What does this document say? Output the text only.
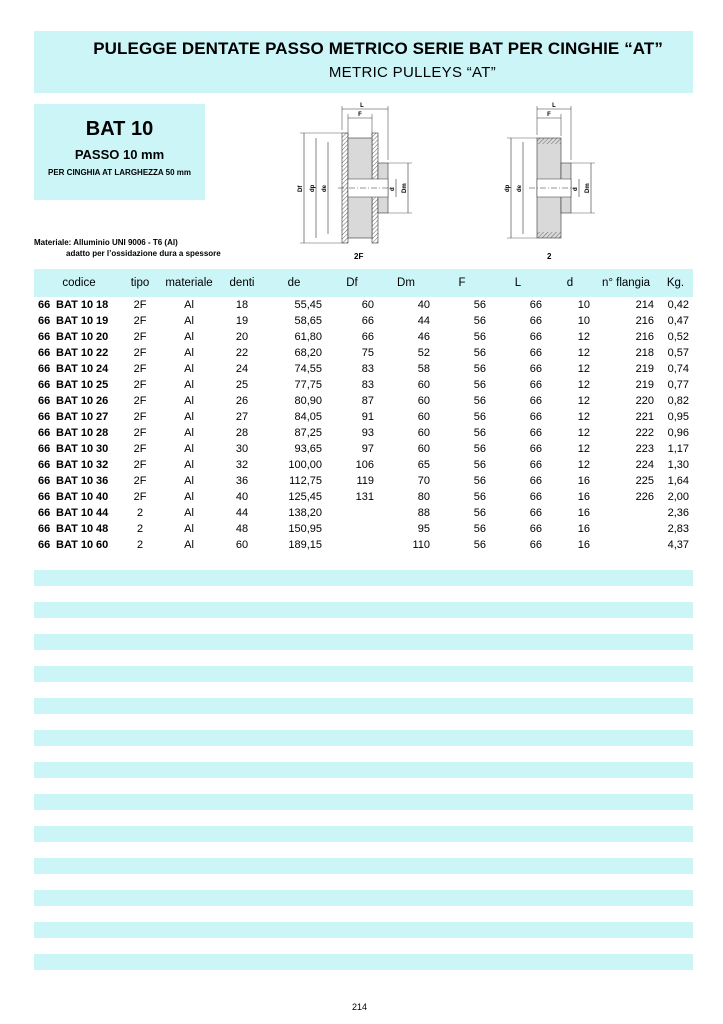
PULEGGE DENTATE PASSO METRICO SERIE BAT PER CINGHIE “AT”
METRIC PULLEYS “AT”
BAT 10
PASSO 10 mm
PER CINGHIA AT LARGHEZZA 50 mm
Materiale: Alluminio UNI 9006 - T6 (Al)
adatto per l’ossidazione dura a spessore
L
F
Df dp de	d Dm
2F
L
F
dp de	d Dm
2
codice	tipo	materiale	denti	de	Df	Dm	F	L	d	n° flangia	Kg.
66 BAT 10 18	2F	Al	18	55,45	60	40	56	66	10	214	0,42
66 BAT 10 19	2F	Al	19	58,65	66	44	56	66	10	216	0,47
66 BAT 10 20	2F	Al	20	61,80	66	46	56	66	12	216	0,52
66 BAT 10 22	2F	Al	22	68,20	75	52	56	66	12	218	0,57
66 BAT 10 24	2F	Al	24	74,55	83	58	56	66	12	219	0,74
66 BAT 10 25	2F	Al	25	77,75	83	60	56	66	12	219	0,77
66 BAT 10 26	2F	Al	26	80,90	87	60	56	66	12	220	0,82
66 BAT 10 27	2F	Al	27	84,05	91	60	56	66	12	221	0,95
66 BAT 10 28	2F	Al	28	87,25	93	60	56	66	12	222	0,96
66 BAT 10 30	2F	Al	30	93,65	97	60	56	66	12	223	1,17
66 BAT 10 32	2F	Al	32	100,00	106	65	56	66	12	224	1,30
66 BAT 10 36	2F	Al	36	112,75	119	70	56	66	16	225	1,64
66 BAT 10 40	2F	Al	40	125,45	131	80	56	66	16	226	2,00
66 BAT 10 44	2	Al	44	138,20		88	56	66	16		2,36
66 BAT 10 48	2	Al	48	150,95		95	56	66	16		2,83
66 BAT 10 60	2	Al	60	189,15		110	56	66	16		4,37
214
